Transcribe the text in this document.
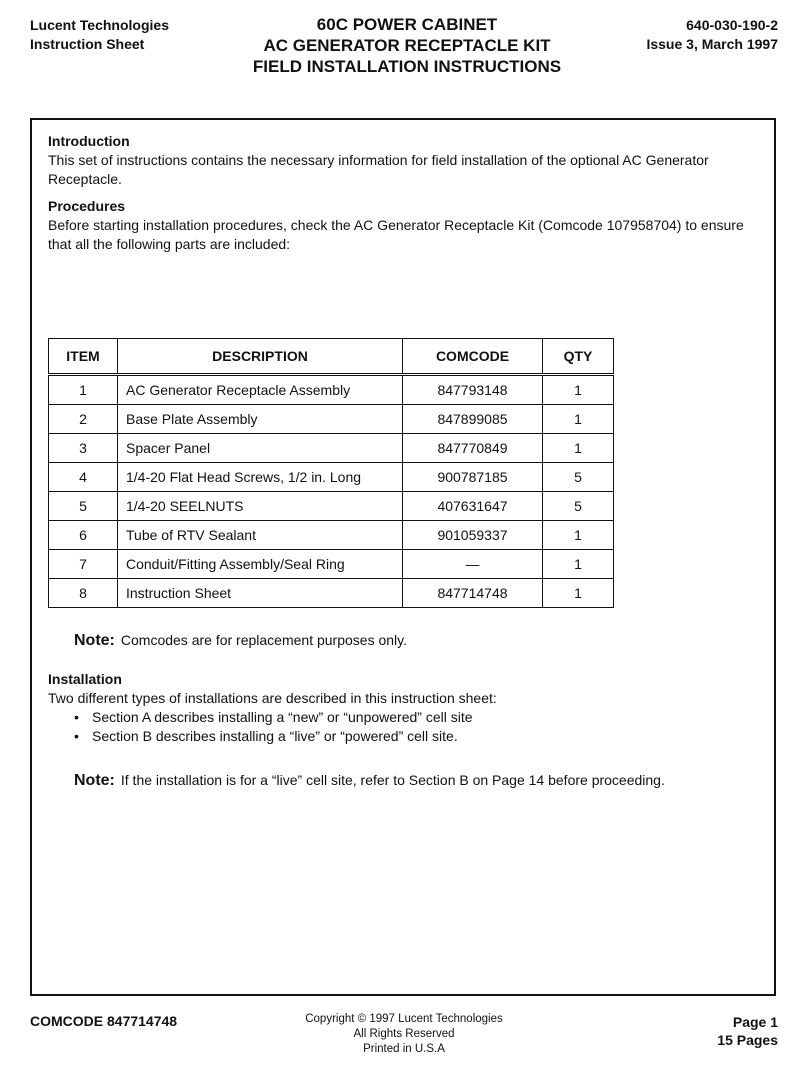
Lucent Technologies
Instruction Sheet
60C POWER CABINET
AC GENERATOR RECEPTACLE KIT
FIELD INSTALLATION INSTRUCTIONS
640-030-190-2
Issue 3, March 1997
Introduction

This set of instructions contains the necessary information for field installation of the optional AC Generator Receptacle.

Procedures

Before starting installation procedures, check the AC Generator Receptacle Kit (Comcode 107958704) to ensure that all the following parts are included:

ITEM	DESCRIPTION	COMCODE	QTY
1	AC Generator Receptacle Assembly	847793148	1
2	Base Plate Assembly	847899085	1
3	Spacer Panel	847770849	1
4	1/4-20 Flat Head Screws, 1/2 in. Long	900787185	5
5	1/4-20 SEELNUTS	407631647	5
6	Tube of RTV Sealant	901059337	1
7	Conduit/Fitting Assembly/Seal Ring	—	1
8	Instruction Sheet	847714748	1
Note: Comcodes are for replacement purposes only.
Installation

Two different types of installations are described in this instruction sheet:

• Section A describes installing a “new” or “unpowered” cell site
• Section B describes installing a “live” or “powered” cell site.
Note: If the installation is for a “live” cell site, refer to Section B on Page 14 before proceeding.
COMCODE 847714748	Copyright © 1997 Lucent Technologies
All Rights Reserved
Printed in U.S.A
Page 1
15 Pages
